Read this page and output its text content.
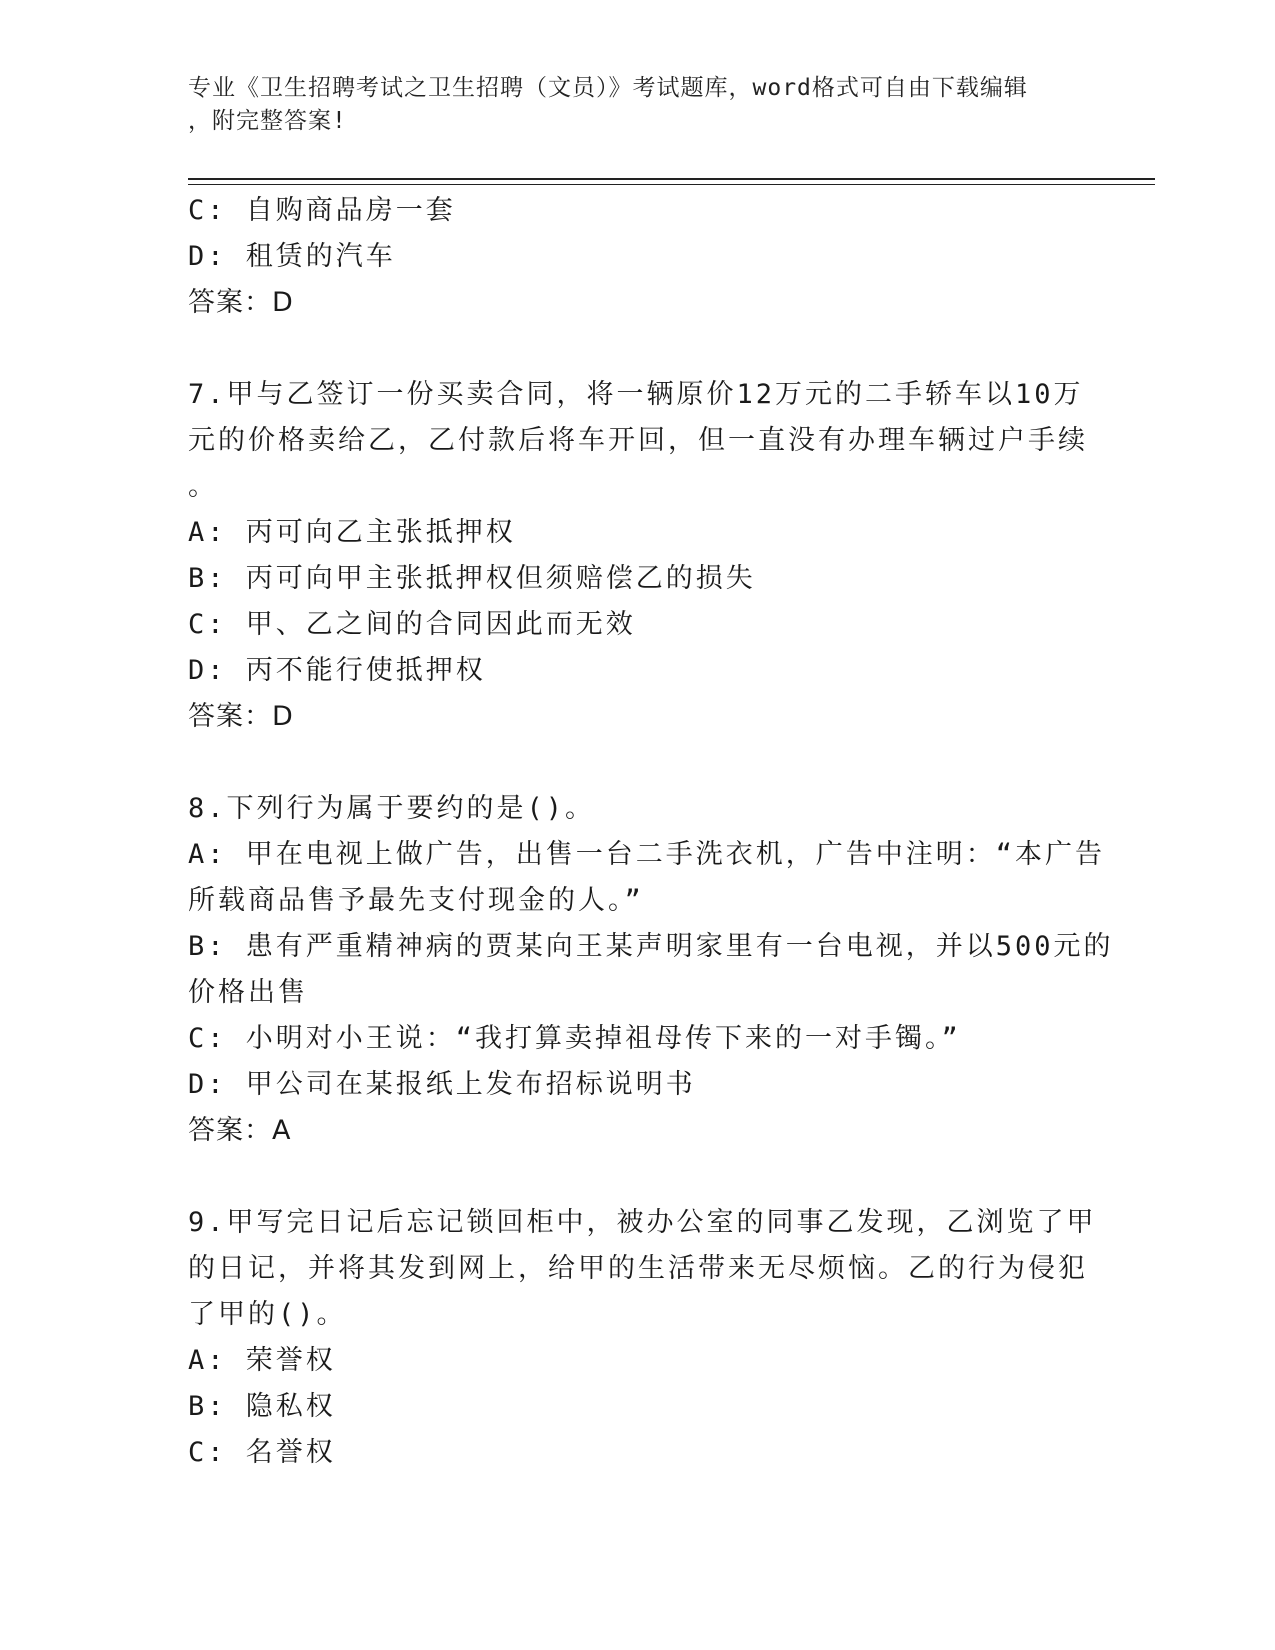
专业《卫生招聘考试之卫生招聘（文员）》考试题库，word格式可自由下载编辑
，附完整答案!
C: 自购商品房一套
D: 租赁的汽车
答案：D
7.甲与乙签订一份买卖合同，将一辆原价12万元的二手轿车以10万
元的价格卖给乙，乙付款后将车开回，但一直没有办理车辆过户手续
。
A: 丙可向乙主张抵押权
B: 丙可向甲主张抵押权但须赔偿乙的损失
C: 甲、乙之间的合同因此而无效
D: 丙不能行使抵押权
答案：D
8.下列行为属于要约的是()。
A: 甲在电视上做广告，出售一台二手洗衣机，广告中注明：“本广告
所载商品售予最先支付现金的人。”
B: 患有严重精神病的贾某向王某声明家里有一台电视，并以500元的
价格出售
C: 小明对小王说：“我打算卖掉祖母传下来的一对手镯。”
D: 甲公司在某报纸上发布招标说明书
答案：A
9.甲写完日记后忘记锁回柜中，被办公室的同事乙发现，乙浏览了甲
的日记，并将其发到网上，给甲的生活带来无尽烦恼。乙的行为侵犯
了甲的()。
A: 荣誉权
B: 隐私权
C: 名誉权
